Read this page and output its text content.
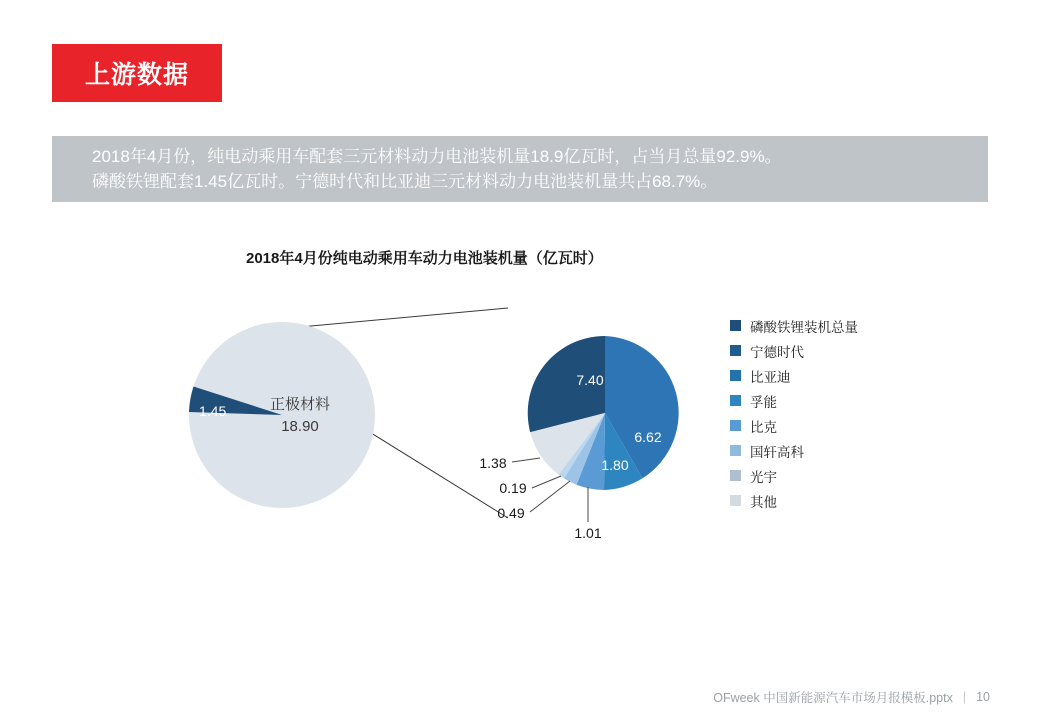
上游数据
2018年4月份，纯电动乘用车配套三元材料动力电池装机量18.9亿瓦时，占当月总量92.9%。
磷酸铁锂配套1.45亿瓦时。宁德时代和比亚迪三元材料动力电池装机量共占68.7%。
2018年4月份纯电动乘用车动力电池装机量（亿瓦时）
1.45	正极材料
18.90
7.40
6.62
1.80
1.01
0.49
0.19
1.38
磷酸铁锂装机总量
宁德时代
比亚迪
孚能
比克
国轩高科
光宇
其他
OFweek 中国新能源汽车市场月报模板.pptx | 10
